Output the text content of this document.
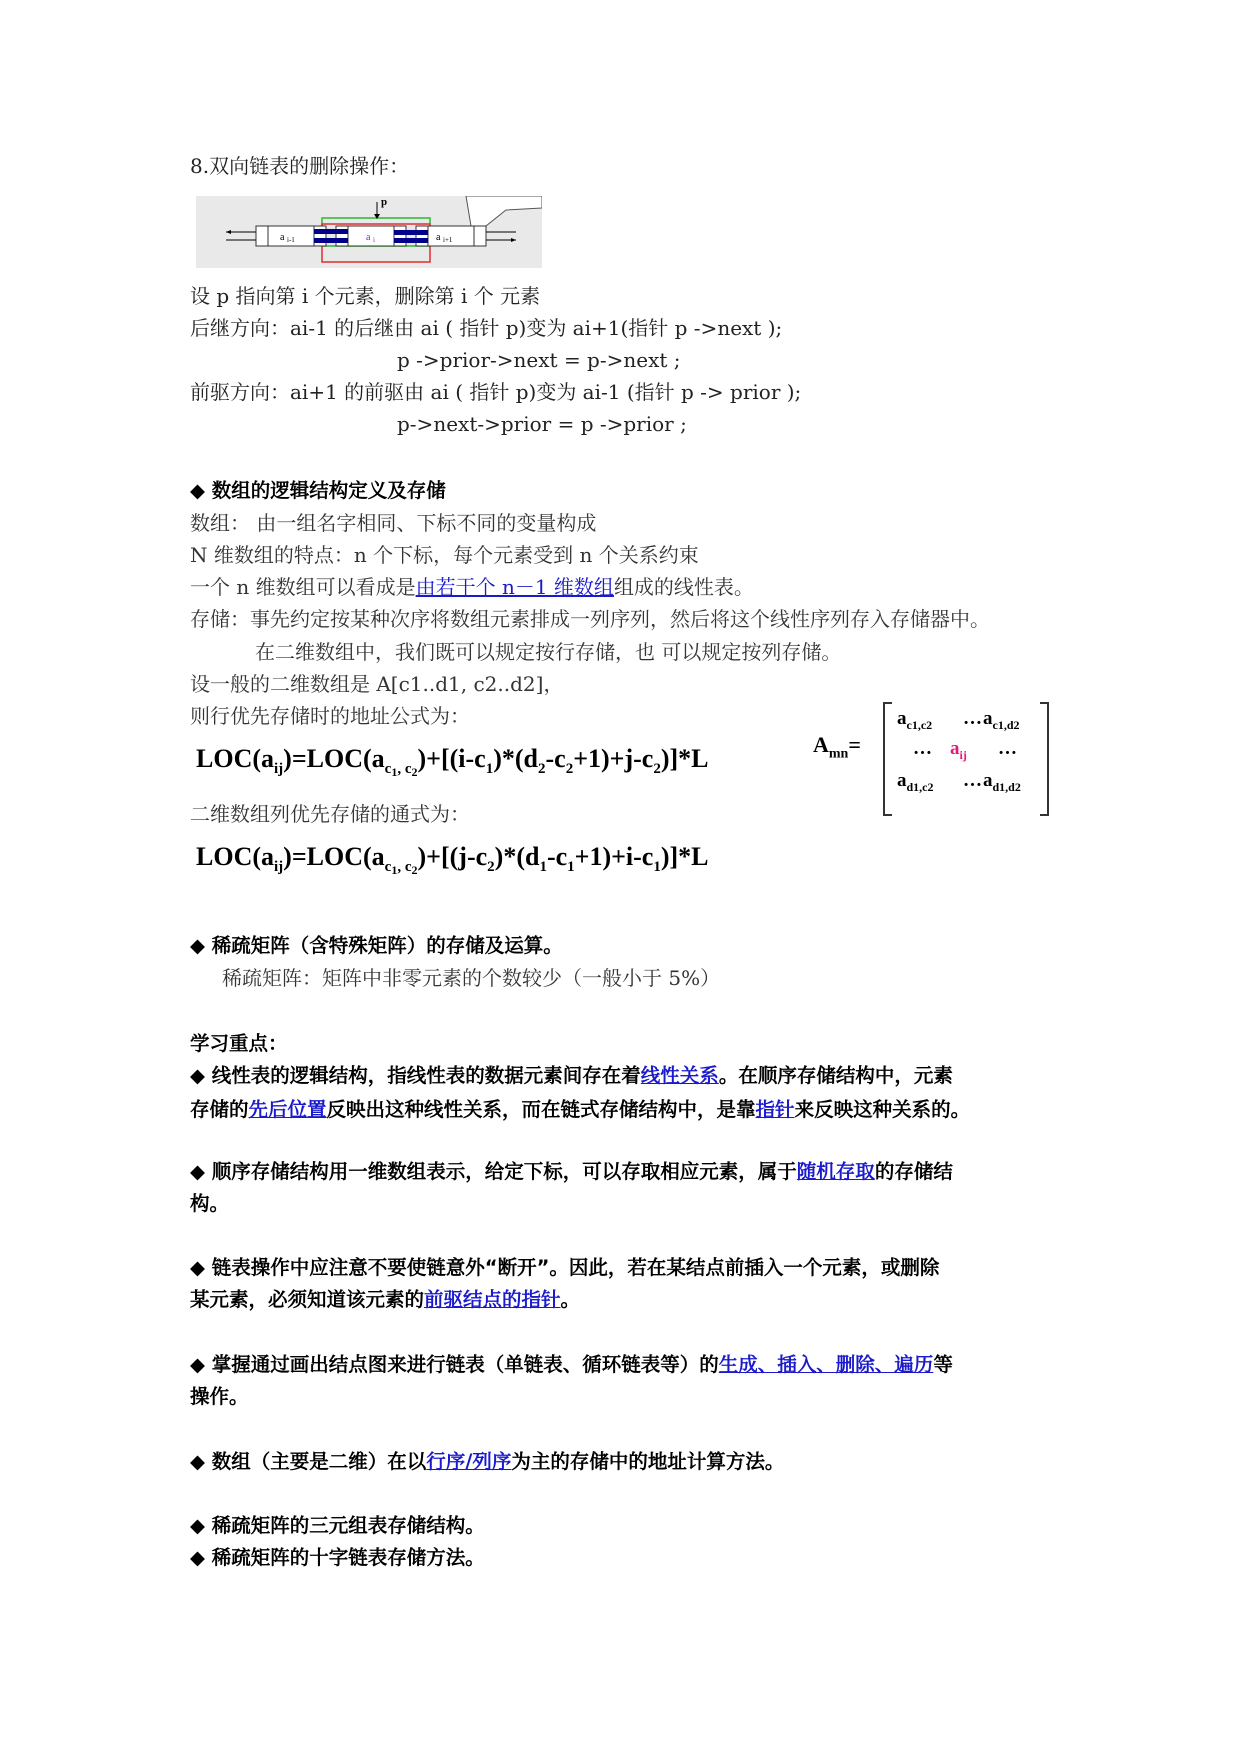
8.双向链表的删除操作：
p
a i-1	a i	a i+1
设 p 指向第 i 个元素，删除第 i 个 元素
后继方向：ai-1 的后继由 ai ( 指针 p)变为 ai+1(指针 p ->next );
p ->prior->next = p->next ;
前驱方向：ai+1 的前驱由 ai ( 指针 p)变为 ai-1 (指针 p -> prior );
p->next->prior = p ->prior ;
◆ 数组的逻辑结构定义及存储
数组： 由一组名字相同、下标不同的变量构成
N 维数组的特点：n 个下标，每个元素受到 n 个关系约束
一个 n 维数组可以看成是由若干个 n－1 维数组组成的线性表。
存储：事先约定按某种次序将数组元素排成一列序列，然后将这个线性序列存入存储器中。
在二维数组中，我们既可以规定按行存储，也 可以规定按列存储。
设一般的二维数组是 A[c1..d1, c2..d2]，
则行优先存储时的地址公式为：
$LOC(a_{ij})=LOC(a_{c_1, c_2})+[(i-c_1)*(d_2-c_2+1)+j-c_2)]*L$	$A_{mn}=$
$a_{c1,c2}$ … $a_{c1,d2}$
… $a_{ij}$ …
$a_{d1,c2}$ … $a_{d1,d2}$
二维数组列优先存储的通式为：
$LOC(a_{ij})=LOC(a_{c_1, c_2})+[(j-c_2)*(d_1-c_1+1)+i-c_1)]*L$
◆ 稀疏矩阵（含特殊矩阵）的存储及运算。
稀疏矩阵：矩阵中非零元素的个数较少（一般小于 5%）
学习重点：
◆ 线性表的逻辑结构，指线性表的数据元素间存在着线性关系。在顺序存储结构中，元素
存储的先后位置反映出这种线性关系，而在链式存储结构中，是靠指针来反映这种关系的。
◆ 顺序存储结构用一维数组表示，给定下标，可以存取相应元素，属于随机存取的存储结
构。
◆ 链表操作中应注意不要使链意外“断开”。因此，若在某结点前插入一个元素，或删除
某元素，必须知道该元素的前驱结点的指针。
◆ 掌握通过画出结点图来进行链表（单链表、循环链表等）的生成、插入、删除、遍历等
操作。
◆ 数组（主要是二维）在以行序/列序为主的存储中的地址计算方法。
◆ 稀疏矩阵的三元组表存储结构。
◆ 稀疏矩阵的十字链表存储方法。
